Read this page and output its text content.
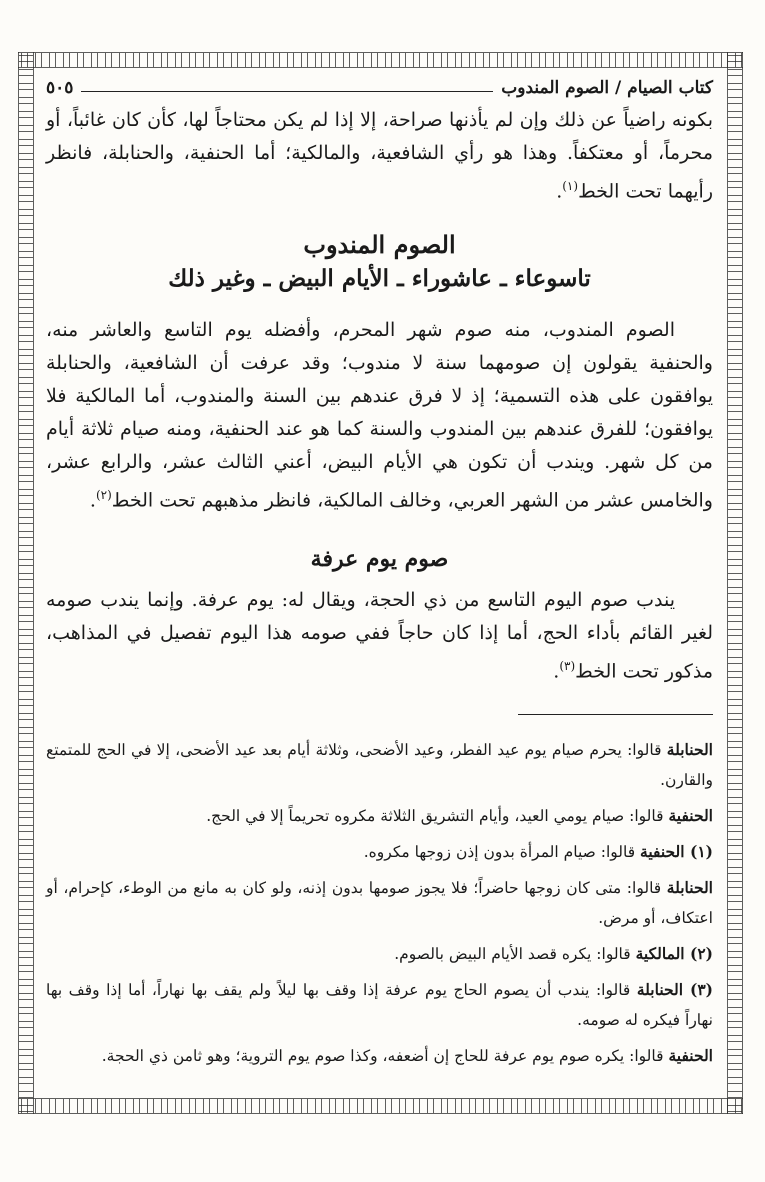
كتاب الصيام / الصوم المندوب
٥٠٥

بكونه راضياً عن ذلك وإن لم يأذنها صراحة، إلا إذا لم يكن محتاجاً لها، كأن كان غائباً، أو محرماً، أو معتكفاً. وهذا هو رأي الشافعية، والمالكية؛ أما الحنفية، والحنابلة، فانظر رأيهما تحت الخط$^{(١)}$.

الصوم المندوب
تاسوعاء ـ عاشوراء ـ الأيام البيض ـ وغير ذلك

الصوم المندوب، منه صوم شهر المحرم، وأفضله يوم التاسع والعاشر منه، والحنفية يقولون إن صومهما سنة لا مندوب؛ وقد عرفت أن الشافعية، والحنابلة يوافقون على هذه التسمية؛ إذ لا فرق عندهم بين السنة والمندوب، أما المالكية فلا يوافقون؛ للفرق عندهم بين المندوب والسنة كما هو عند الحنفية، ومنه صيام ثلاثة أيام من كل شهر. ويندب أن تكون هي الأيام البيض، أعني الثالث عشر، والرابع عشر، والخامس عشر من الشهر العربي، وخالف المالكية، فانظر مذهبهم تحت الخط$^{(٢)}$.

صوم يوم عرفة

يندب صوم اليوم التاسع من ذي الحجة، ويقال له: يوم عرفة. وإنما يندب صومه لغير القائم بأداء الحج، أما إذا كان حاجاً ففي صومه هذا اليوم تفصيل في المذاهب، مذكور تحت الخط$^{(٣)}$.

الحنابلة قالوا: يحرم صيام يوم عيد الفطر، وعيد الأضحى، وثلاثة أيام بعد عيد الأضحى، إلا في الحج للمتمتع والقارن.

الحنفية قالوا: صيام يومي العيد، وأيام التشريق الثلاثة مكروه تحريماً إلا في الحج.

(١) الحنفية قالوا: صيام المرأة بدون إذن زوجها مكروه.

الحنابلة قالوا: متى كان زوجها حاضراً؛ فلا يجوز صومها بدون إذنه، ولو كان به مانع من الوطء، كإحرام، أو اعتكاف، أو مرض.

(٢) المالكية قالوا: يكره قصد الأيام البيض بالصوم.

(٣) الحنابلة قالوا: يندب أن يصوم الحاج يوم عرفة إذا وقف بها ليلاً ولم يقف بها نهاراً، أما إذا وقف بها نهاراً فيكره له صومه.

الحنفية قالوا: يكره صوم يوم عرفة للحاج إن أضعفه، وكذا صوم يوم التروية؛ وهو ثامن ذي الحجة.
